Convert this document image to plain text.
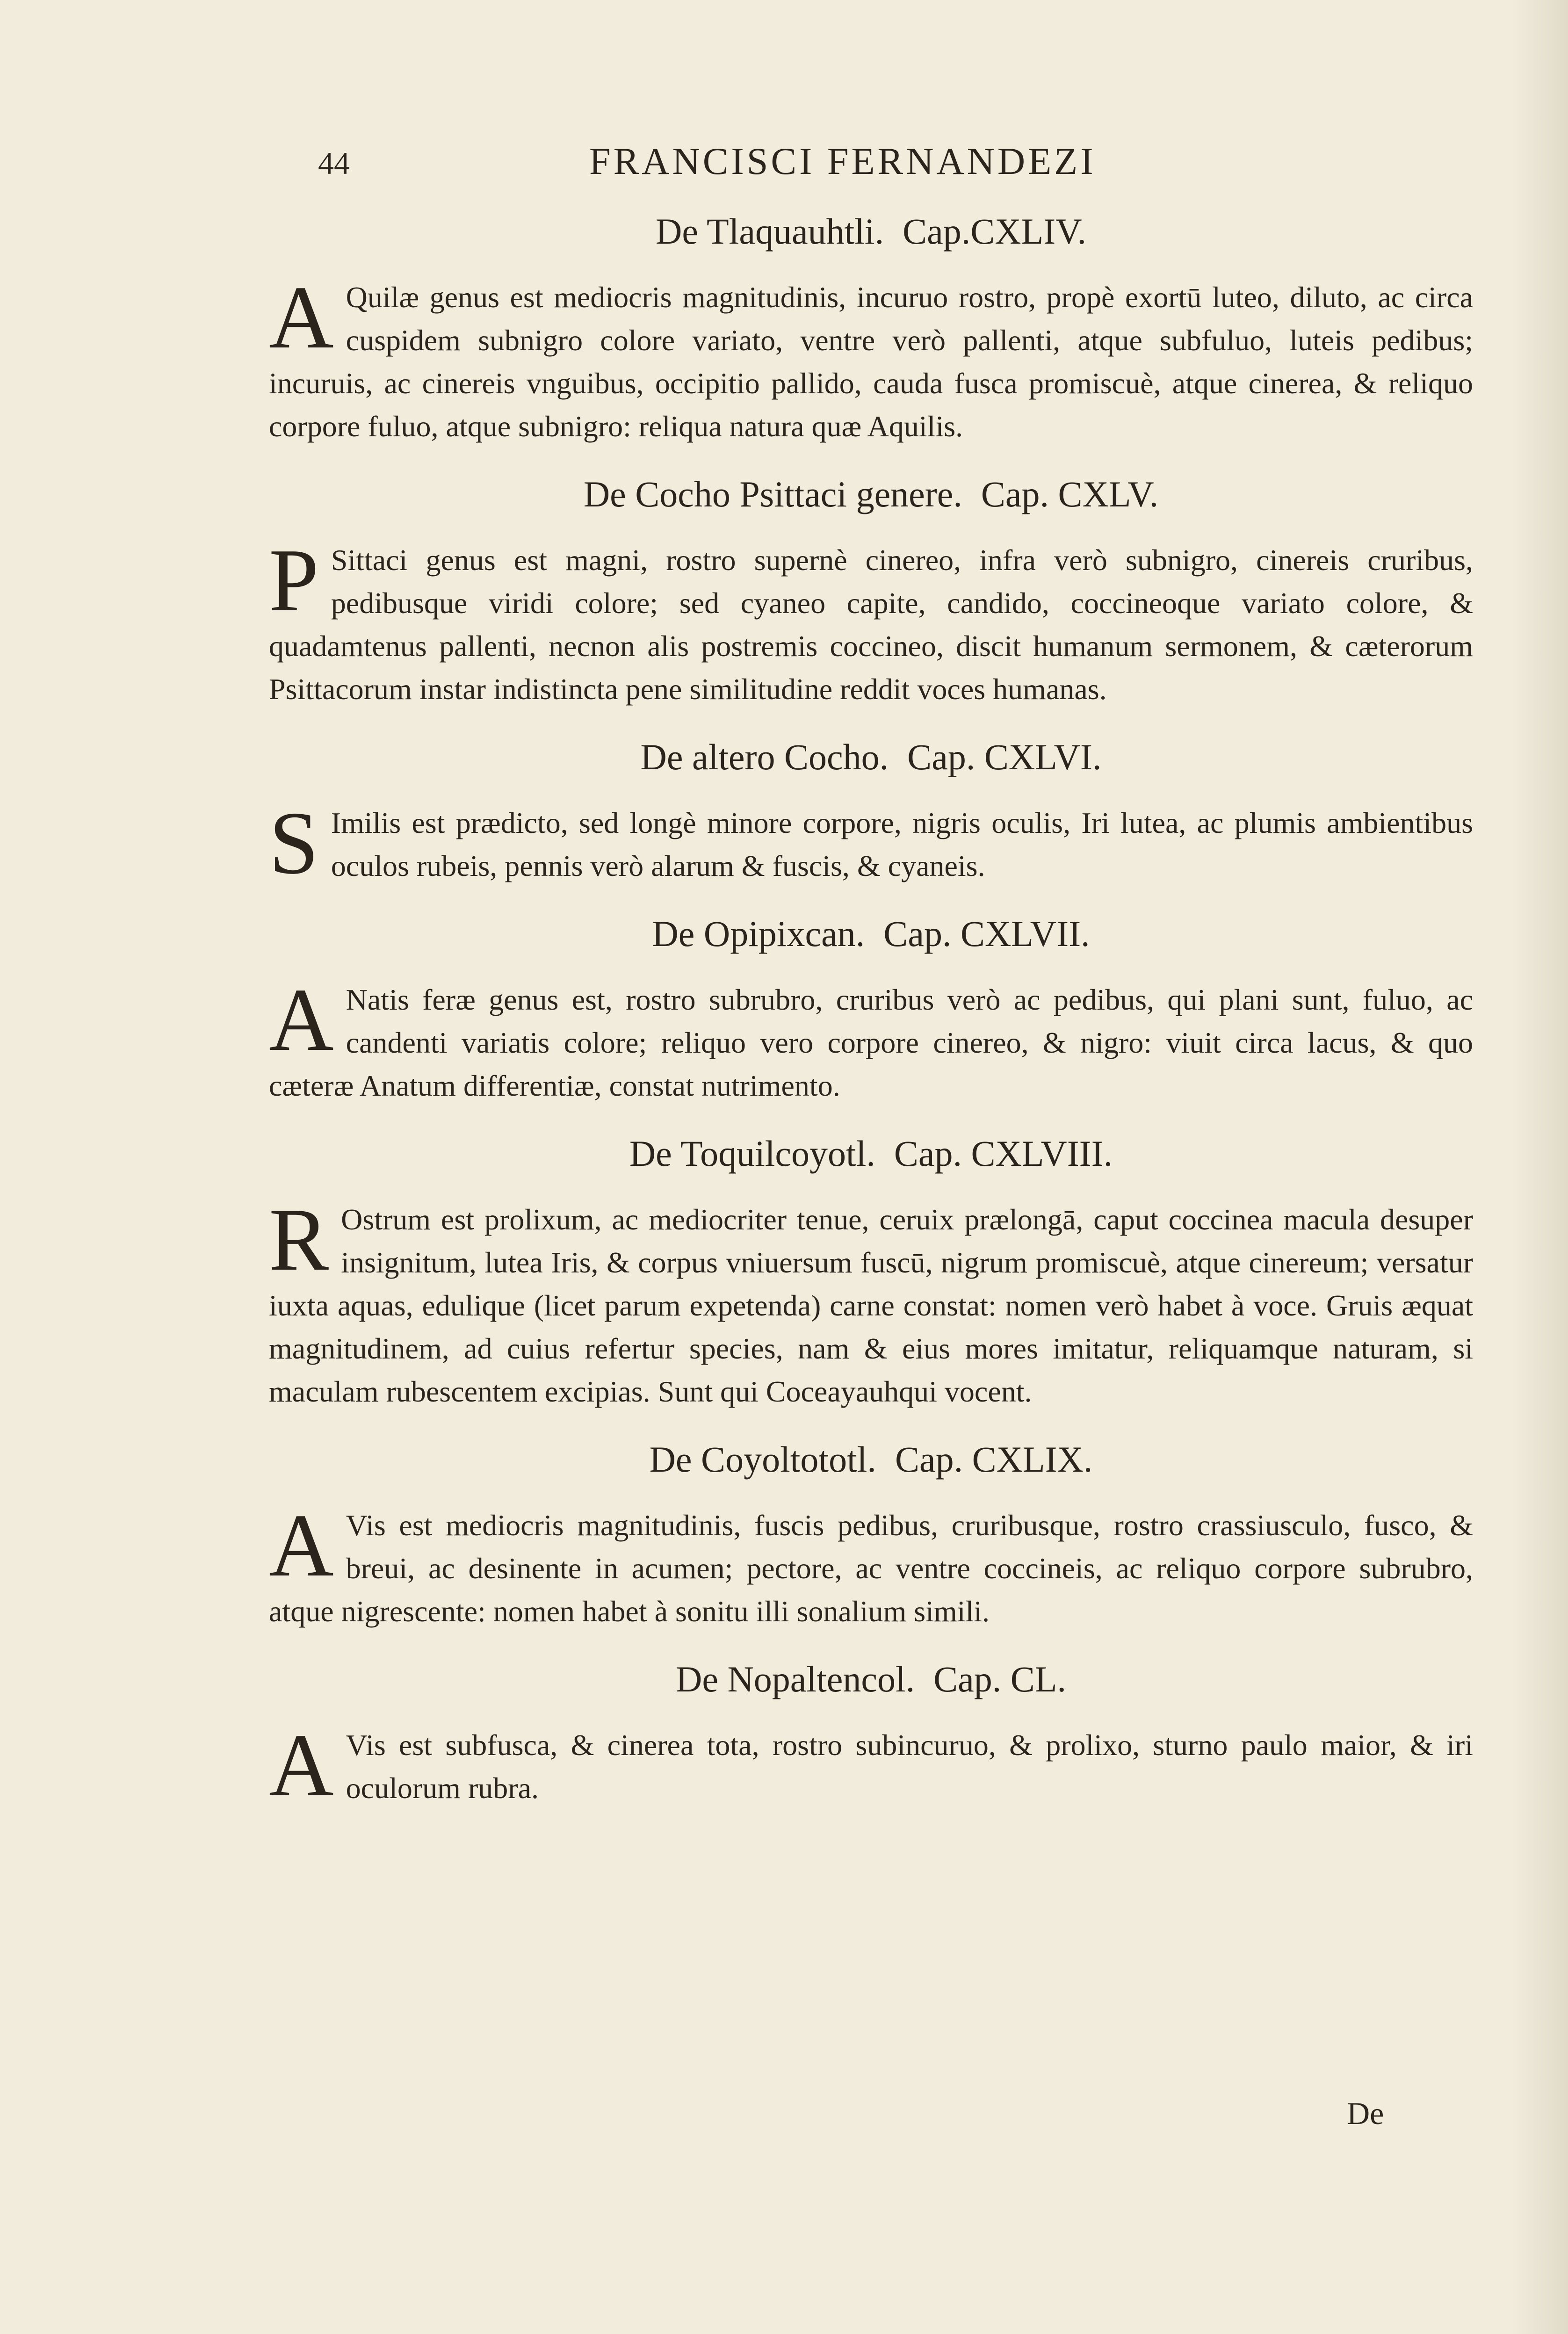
44	FRANCISCI FERNANDEZI
De Tlaquauhtli. Cap.CXLIV.

A Quilæ genus est mediocris magnitudinis, incuruo rostro, propè exortū luteo, diluto, ac circa cuspidem subnigro colore variato, ventre verò pallenti, atque subfuluo, luteis pedibus; incuruis, ac cinereis vnguibus, occipitio pallido, cauda fusca promiscuè, atque cinerea, & reliquo corpore fuluo, atque subnigro: reliqua natura quæ Aquilis.

De Cocho Psittaci genere. Cap. CXLV.

P Sittaci genus est magni, rostro supernè cinereo, infra verò subnigro, cinereis cruribus, pedibusque viridi colore; sed cyaneo capite, candido, coccineoque variato colore, & quadamtenus pallenti, necnon alis postremis coccineo, discit humanum sermonem, & cæterorum Psittacorum instar indistincta pene similitudine reddit voces humanas.

De altero Cocho. Cap. CXLVI.

S Imilis est prædicto, sed longè minore corpore, nigris oculis, Iri lutea, ac plumis ambientibus oculos rubeis, pennis verò alarum & fuscis, & cyaneis.

De Opipixcan. Cap. CXLVII.

A Natis feræ genus est, rostro subrubro, cruribus verò ac pedibus, qui plani sunt, fuluo, ac candenti variatis colore; reliquo vero corpore cinereo, & nigro: viuit circa lacus, & quo cæteræ Anatum differentiæ, constat nutrimento.

De Toquilcoyotl. Cap. CXLVIII.

R Ostrum est prolixum, ac mediocriter tenue, ceruix prælongā, caput coccinea macula desuper insignitum, lutea Iris, & corpus vniuersum fuscū, nigrum promiscuè, atque cinereum; versatur iuxta aquas, edulique (licet parum expetenda) carne constat: nomen verò habet à voce. Gruis æquat magnitudinem, ad cuius refertur species, nam & eius mores imitatur, reliquamque naturam, si maculam rubescentem excipias. Sunt qui Coceayauhqui vocent.

De Coyoltototl. Cap. CXLIX.

A Vis est mediocris magnitudinis, fuscis pedibus, cruribusque, rostro crassiusculo, fusco, & breui, ac desinente in acumen; pectore, ac ventre coccineis, ac reliquo corpore subrubro, atque nigrescente: nomen habet à sonitu illi sonalium simili.

De Nopaltencol. Cap. CL.

A Vis est subfusca, & cinerea tota, rostro subincuruo, & prolixo, sturno paulo maior, & iri oculorum rubra.

De
